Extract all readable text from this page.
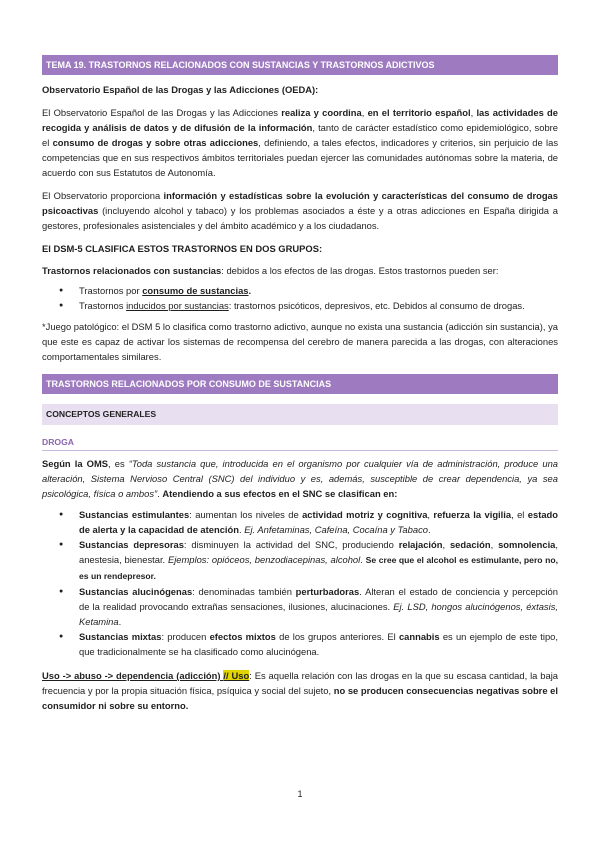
TEMA 19. TRASTORNOS RELACIONADOS CON SUSTANCIAS Y TRASTORNOS ADICTIVOS

Observatorio Español de las Drogas y las Adicciones (OEDA):

El Observatorio Español de las Drogas y las Adicciones realiza y coordina, en el territorio español, las actividades de recogida y análisis de datos y de difusión de la información, tanto de carácter estadístico como epidemiológico, sobre el consumo de drogas y sobre otras adicciones, definiendo, a tales efectos, indicadores y criterios, sin perjuicio de las competencias que en sus respectivos ámbitos territoriales puedan ejercer las comunidades autónomas sobre la materia, de acuerdo con sus Estatutos de Autonomía.

El Observatorio proporciona información y estadísticas sobre la evolución y características del consumo de drogas psicoactivas (incluyendo alcohol y tabaco) y los problemas asociados a éste y a otras adicciones en España dirigida a gestores, profesionales asistenciales y del ámbito académico y a los ciudadanos.

El DSM-5 CLASIFICA ESTOS TRASTORNOS EN DOS GRUPOS:

Trastornos relacionados con sustancias: debidos a los efectos de las drogas. Estos trastornos pueden ser:

● Trastornos por consumo de sustancias.
● Trastornos inducidos por sustancias: trastornos psicóticos, depresivos, etc. Debidos al consumo de drogas.

*Juego patológico: el DSM 5 lo clasifica como trastorno adictivo, aunque no exista una sustancia (adicción sin sustancia), ya que este es capaz de activar los sistemas de recompensa del cerebro de manera parecida a las drogas, con alteraciones comportamentales similares.

TRASTORNOS RELACIONADOS POR CONSUMO DE SUSTANCIAS
CONCEPTOS GENERALES
DROGA

Según la OMS, es “Toda sustancia que, introducida en el organismo por cualquier vía de administración, produce una alteración, Sistema Nervioso Central (SNC) del individuo y es, además, susceptible de crear dependencia, ya sea psicológica, física o ambos”. Atendiendo a sus efectos en el SNC se clasifican en:

● Sustancias estimulantes: aumentan los niveles de actividad motriz y cognitiva, refuerza la vigilia, el estado de alerta y la capacidad de atención. Ej. Anfetaminas, Cafeína, Cocaína y Tabaco.
● Sustancias depresoras: disminuyen la actividad del SNC, produciendo relajación, sedación, somnolencia, anestesia, bienestar. Ejemplos: opióceos, benzodiacepinas, alcohol. Se cree que el alcohol es estimulante, pero no, es un rendepresor.
● Sustancias alucinógenas: denominadas también perturbadoras. Alteran el estado de conciencia y percepción de la realidad provocando extrañas sensaciones, ilusiones, alucinaciones. Ej. LSD, hongos alucinógenos, éxtasis, Ketamina.
● Sustancias mixtas: producen efectos mixtos de los grupos anteriores. El cannabis es un ejemplo de este tipo, que tradicionalmente se ha clasificado como alucinógena.

Uso -> abuso -> dependencia (adicción) // Uso: Es aquella relación con las drogas en la que su escasa cantidad, la baja frecuencia y por la propia situación física, psíquica y social del sujeto, no se producen consecuencias negativas sobre el consumidor ni sobre su entorno.

1
